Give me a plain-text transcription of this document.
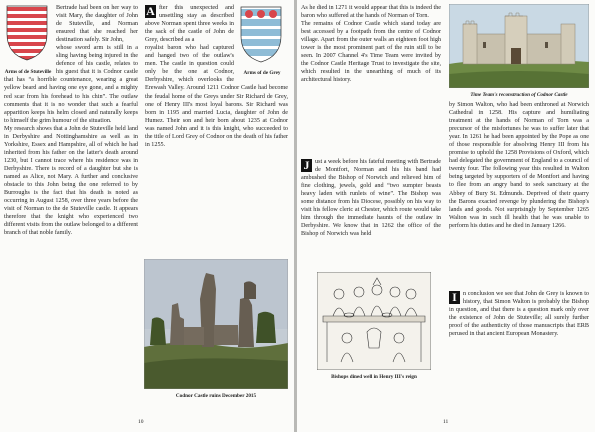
Arms of de Stuteville

Bertrade had been on her way to visit Mary, the daughter of John de Stuteville, and Norman ensured that she reached her destination safely. Sir John,

whose sword arm is still in a sling having being injured in the defence of his castle, relates to his guest that it is Codnor castle that has “a horrible countenance, wearing a great yellow beard and having one eye gone, and a mighty red scar from his forehead to his chin”. The outlaw comments that it is no wonder that such a fearful apparition keeps his helm closed and naturally keeps to himself the grim humour of the situation.

My research shows that a John de Stuteville held land in Derbyshire and Nottinghamshire as well as in Yorkshire, Essex and Hampshire, all of which he had inherited from his father on the latter's death around 1230, but I cannot trace where his residence was in Derbyshire. There is record of a daughter but she is named as Alice, not Mary. A further and conclusive obstacle to this John being the one referred to by Burroughs is the fact that his death is noted as occurring in August 1258, over three years before the visit of Norman to the de Stuteville castle. It appears therefore that the knight who experienced two different visits from the outlaw belonged to a different branch of that noble family.

A fter this unexpected and unsettling stay as described above Norman spent three weeks in the sack of the castle of John de Grey, described as a

royalist baron who had captured and hanged two of the outlaw's men. The castle in question could only be the one at Codnor, Derbyshire, which overlooks the Erewash Valley. Around 1211 Codnor Castle had become the feudal home of the Greys under Sir Richard de Grey, one of Henry III's most loyal barons. Sir Richard was born in 1195 and married Lucia, daughter of John de Humez. Their son and heir born about 1235 at Codnor was named John and it is this knight, who succeeded to the title of Lord Grey of Codnor on the death of his father in 1255.

Arms of de Grey
Codnor Castle ruins December 2015
10

As he died in 1271 it would appear that this is indeed the baron who suffered at the hands of Norman of Torn.

The remains of Codnor Castle which stand today are best accessed by a footpath from the centre of Codnor village. Apart from the outer walls an eighteen foot high tower is the most prominent part of the ruin still to be seen. In 2007 Channel 4's Time Team were invited by the Codnor Castle Heritage Trust to investigate the site, which resulted in the unearthing of much of its architectural history.

J ust a week before his fateful meeting with Bertrade de Montfort, Norman and his his band had ambushed the Bishop of Norwich and relieved him of fine clothing, jewels, gold and “two sumpter beasts heavy laden with runlets of wine”. The Bishop was some distance from his Diocese, possibly on his way to visit his fellow cleric at Chester, which route would take him through the immediate haunts of the outlaw in Derbyshire. We know that in 1262 the office of the Bishop of Norwich was held

Bishops dined well in Henry III's reign
Time Team's reconstruction of Codnor Castle

by Simon Walton, who had been enthroned at Norwich Cathedral in 1258. His capture and humiliating treatment at the hands of Norman of Torn was a precursor of the misfortunes he was to suffer later that year. In 1261 he had been appointed by the Pope as one of those responsible for absolving Henry III from his promise to uphold the 1258 Provisions of Oxford, which had delegated the government of England to a council of twenty four. The following year this resulted in Walton being targeted by supporters of de Montfort and having to flee from an angry band to seek sanctuary at the Abbey of Bury St. Edmunds. Deprived of their quarry the Barons exacted revenge by plundering the Bishop's lands and goods. Not surprisingly by September 1265 Walton was in such ill health that he was unable to perform his duties and he died in January 1266.

I	n conclusion we see that John de Grey is known to history, that Simon Walton is probably the Bishop in question, and that there is a question mark only over the existence of John de Stuteville; all surely further proof of the authenticity of those manuscripts that ERB perused in that ancient European Monastery.

11
